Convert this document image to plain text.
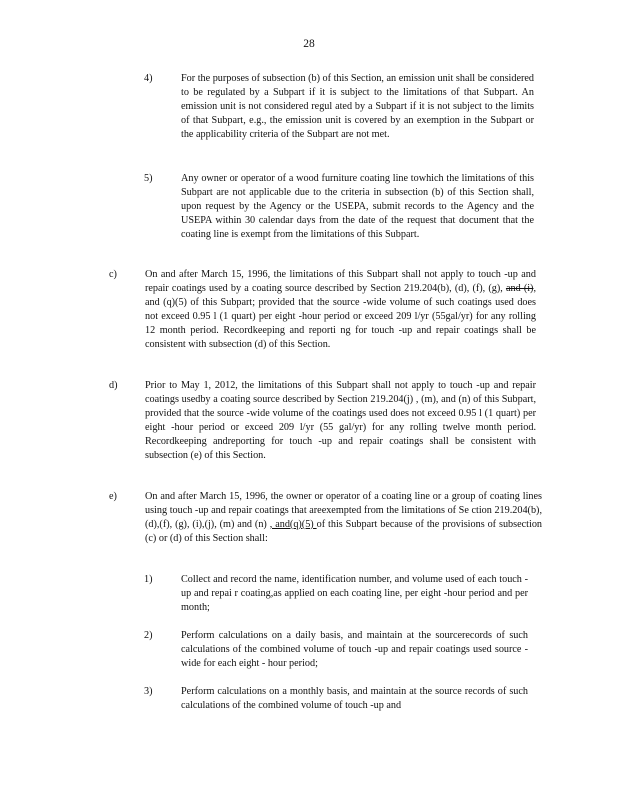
28
4)	For the purposes of subsection (b) of this Section, an emission unit shall be considered to be regulated by a Subpart if it is subject to the limitations of that Subpart. An emission unit is not considered regul ated by a Subpart if it is not subject to the limits of that Subpart, e.g., the emission unit is covered by an exemption in the Subpart or the applicability criteria of the Subpart are not met.
5)	Any owner or operator of a wood furniture coating line towhich the limitations of this Subpart are not applicable due to the criteria in subsection (b) of this Section shall, upon request by the Agency or the USEPA, submit records to the Agency and the USEPA within 30 calendar days from the date of the request that document that the coating line is exempt from the limitations of this Subpart.
c)	On and after March 15, 1996, the limitations of this Subpart shall not apply to touch -up and repair coatings used by a coating source described by Section 219.204(b), (d), (f), (g), and (i), and (q)(5) of this Subpart; provided that the source -wide volume of such coatings used does not exceed 0.95 l (1 quart) per eight -hour period or exceed 209 l/yr (55gal/yr) for any rolling 12 month period. Recordkeeping and reporti ng for touch -up and repair coatings shall be consistent with subsection (d) of this Section.
d)	Prior to May 1, 2012, the limitations of this Subpart shall not apply to touch -up and repair coatings usedby a coating source described by Section 219.204(j) , (m), and (n) of this Subpart, provided that the source -wide volume of the coatings used does not exceed 0.95 l (1 quart) per eight -hour period or exceed 209 l/yr (55 gal/yr) for any rolling twelve month period. Recordkeeping andreporting for touch -up and repair coatings shall be consistent with subsection (e) of this Section.
e)	On and after March 15, 1996, the owner or operator of a coating line or a group of coating lines using touch -up and repair coatings that areexempted from the limitations of Se ction 219.204(b), (d),(f), (g), (i),(j), (m) and (n) , and(q)(5) of this Subpart because of the provisions of subsection (c) or (d) of this Section shall:
1)	Collect and record the name, identification number, and volume used of each touch -up and repai r coating,as applied on each coating line, per eight -hour period and per month;
2)	Perform calculations on a daily basis, and maintain at the sourcerecords of such calculations of the combined volume of touch -up and repair coatings used source -wide for each eight - hour period;
3)	Perform calculations on a monthly basis, and maintain at the source records of such calculations of the combined volume of touch -up and
